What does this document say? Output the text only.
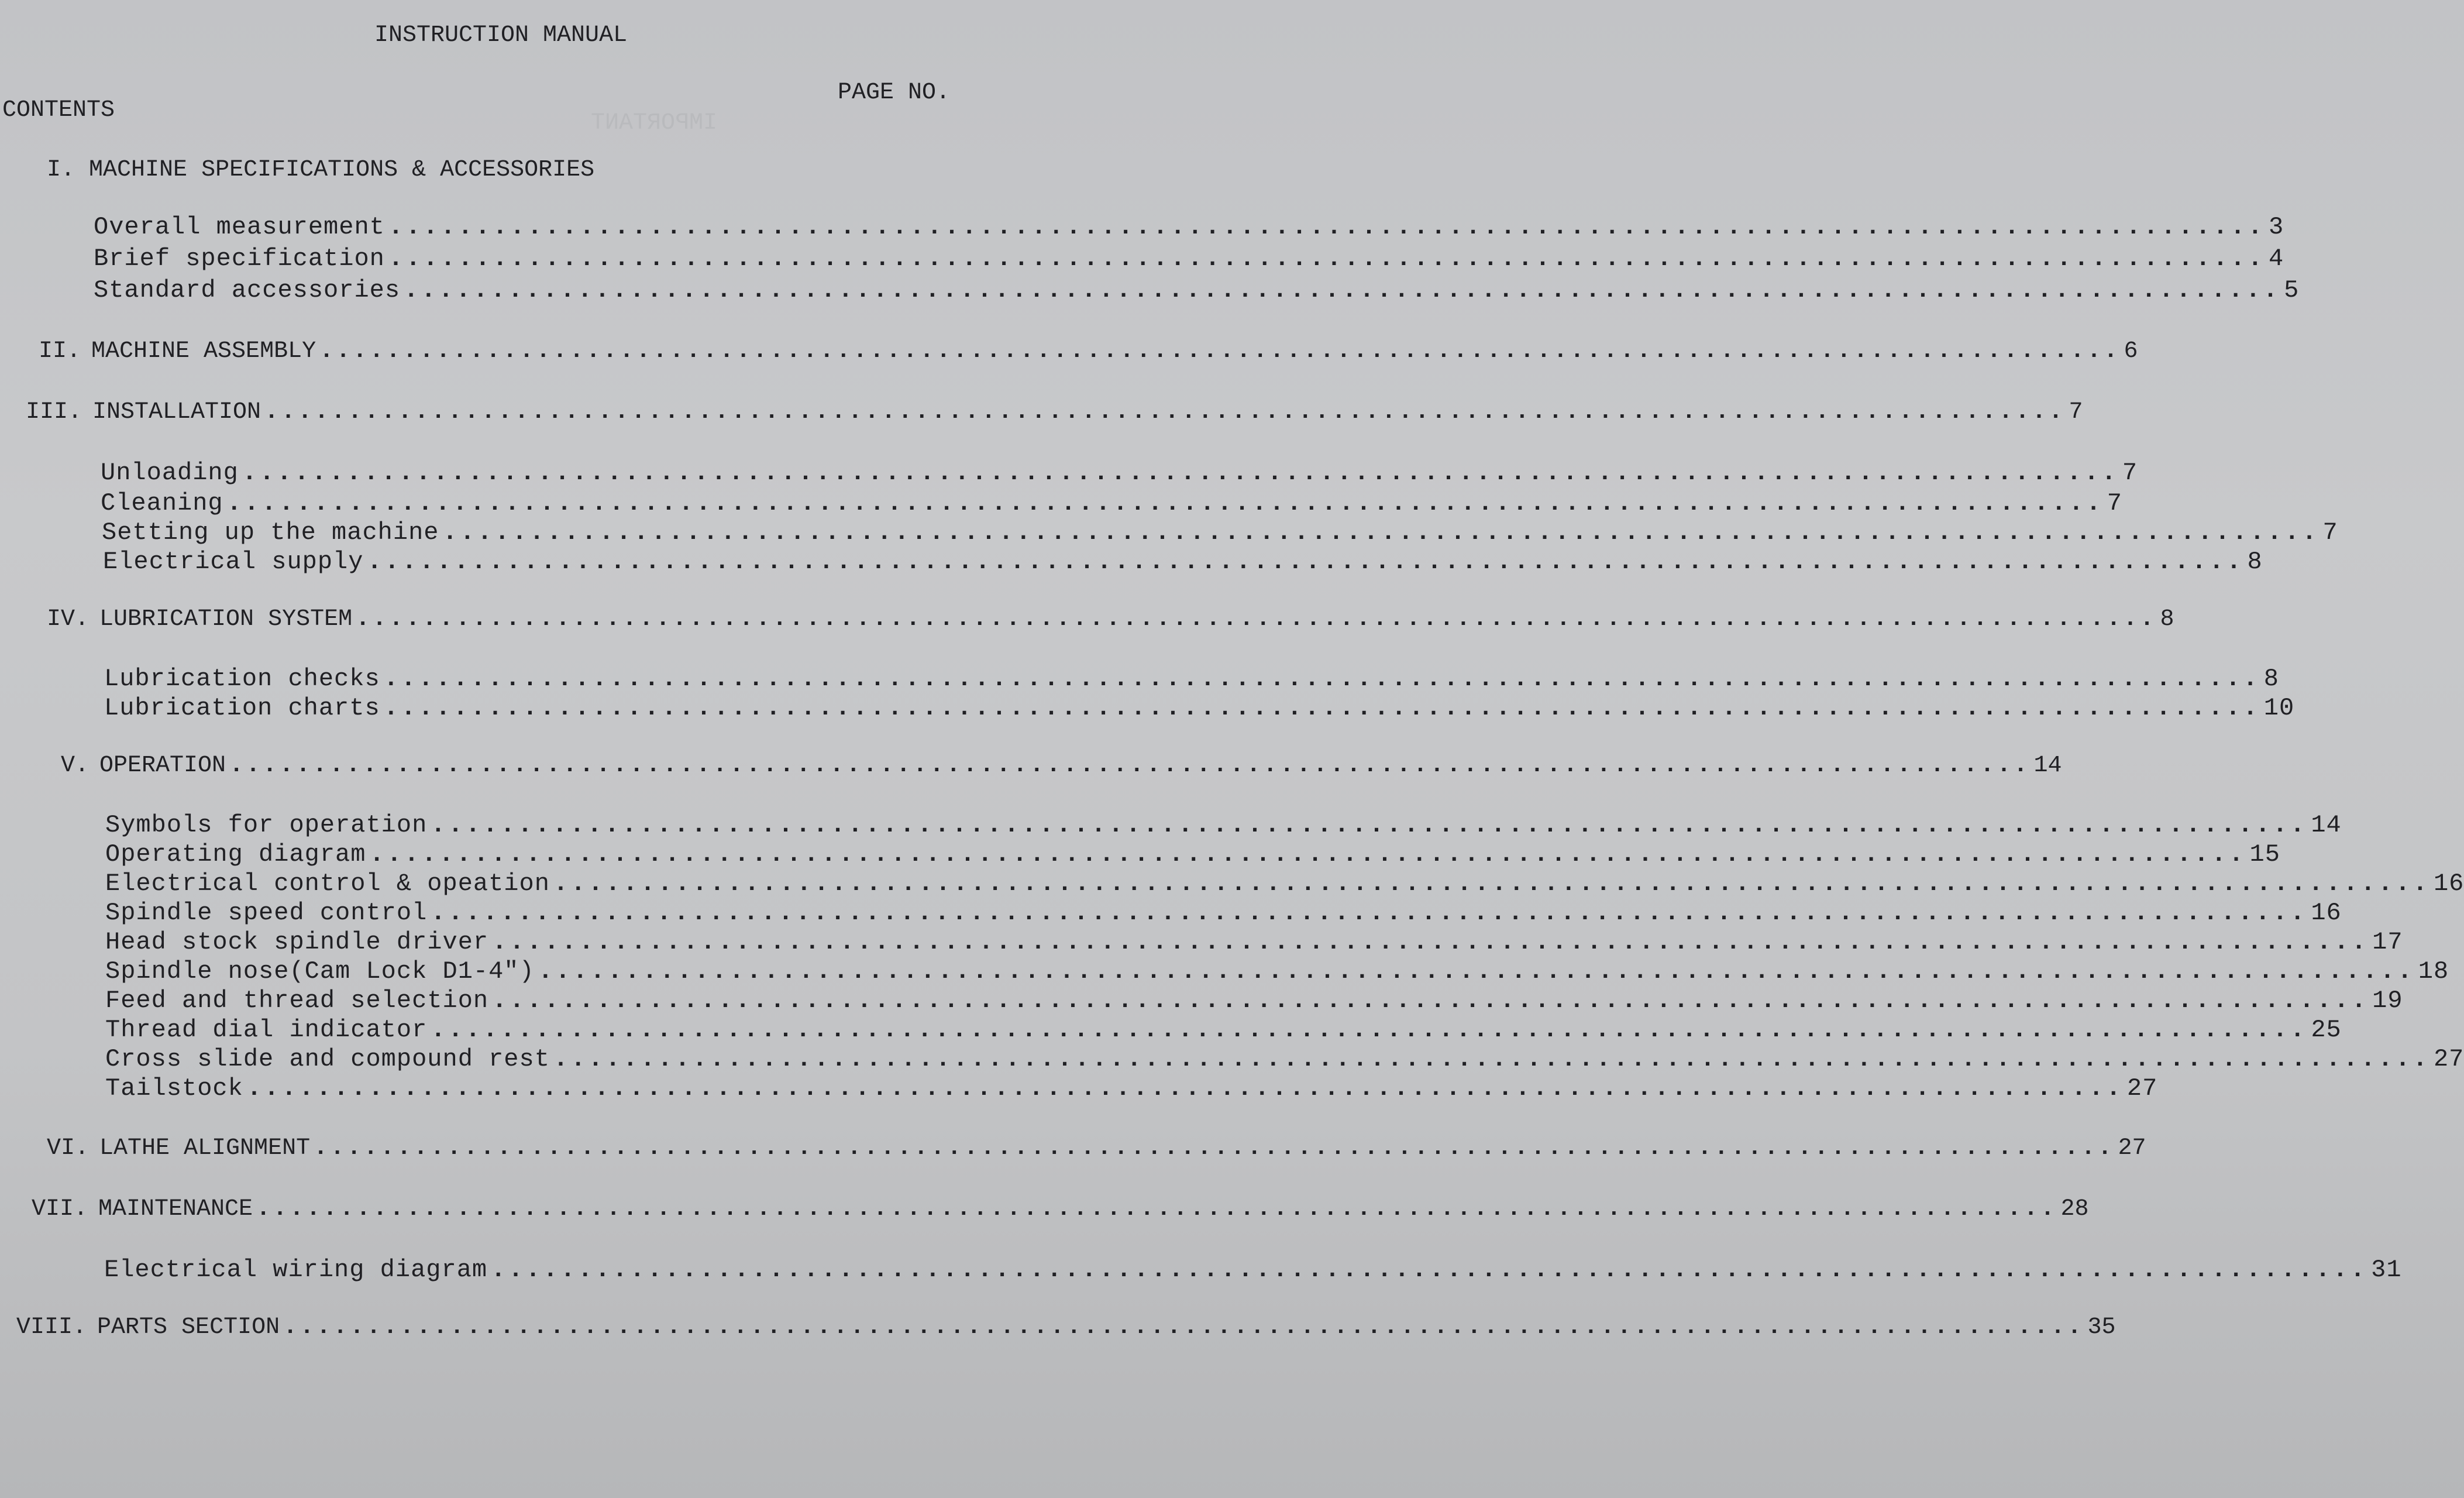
IMPORTANT
INSTRUCTION MANUAL
CONTENTS
PAGE NO.
I. MACHINE SPECIFICATIONS & ACCESSORIES
Overall measurement ............................................................................................................ 3
Brief specification ............................................................................................................ 4
Standard accessories ............................................................................................................ 5
II. MACHINE ASSEMBLY ............................................................................................................ 6
III. INSTALLATION ............................................................................................................ 7
Unloading ............................................................................................................ 7
Cleaning ............................................................................................................ 7
Setting up the machine ............................................................................................................ 7
Electrical supply ............................................................................................................ 8
IV. LUBRICATION SYSTEM ............................................................................................................ 8
Lubrication checks ............................................................................................................ 8
Lubrication charts ............................................................................................................ 10
V. OPERATION ............................................................................................................ 14
Symbols for operation ............................................................................................................ 14
Operating diagram ............................................................................................................ 15
Electrical control & opeation ............................................................................................................ 16
Spindle speed control ............................................................................................................ 16
Head stock spindle driver ............................................................................................................ 17
Spindle nose(Cam Lock D1-4") ............................................................................................................ 18
Feed and thread selection ............................................................................................................ 19
Thread dial indicator ............................................................................................................ 25
Cross slide and compound rest ............................................................................................................ 27
Tailstock ............................................................................................................ 27
VI. LATHE ALIGNMENT ............................................................................................................ 27
VII. MAINTENANCE ............................................................................................................ 28
Electrical wiring diagram ............................................................................................................ 31
VIII. PARTS SECTION ............................................................................................................ 35
